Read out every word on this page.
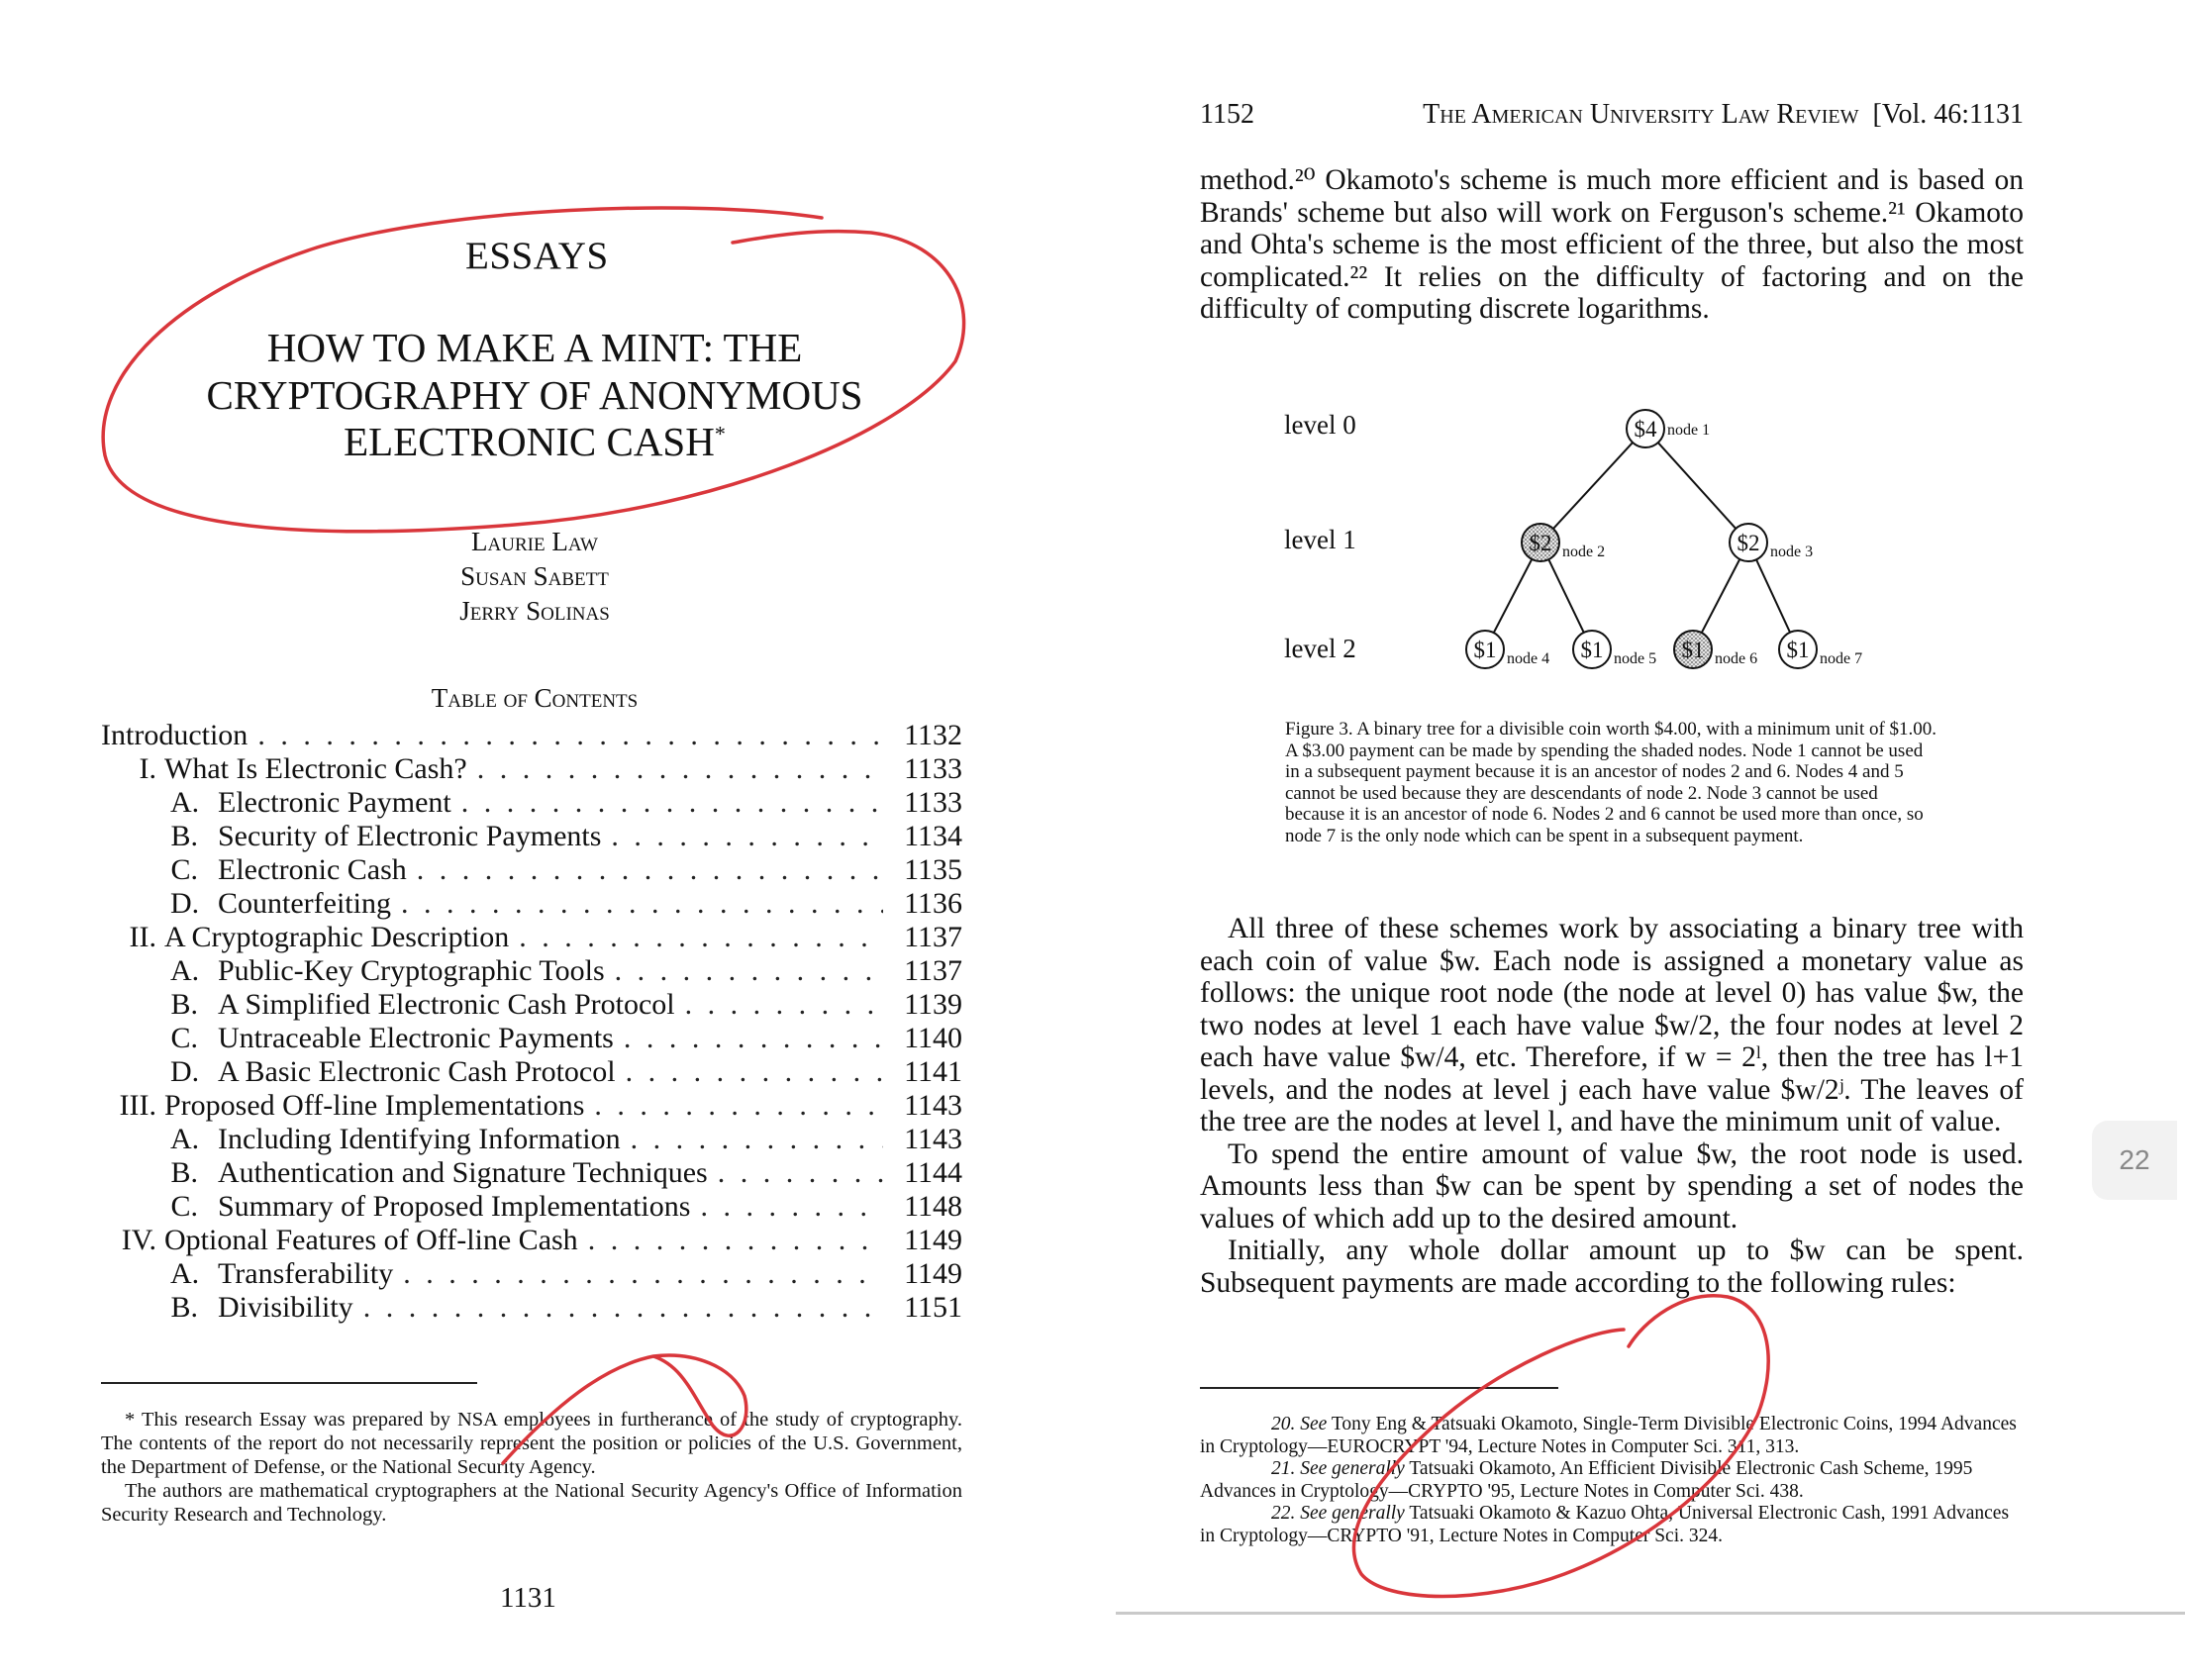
ESSAYS
HOW TO MAKE A MINT: THE
CRYPTOGRAPHY OF ANONYMOUS
ELECTRONIC CASH*
Laurie Law
Susan Sabett
Jerry Solinas
Table of Contents
Introduction . . .	1132
I. What Is Electronic Cash? . . .	1133
A. Electronic Payment . . .	1133
B. Security of Electronic Payments . . .	1134
C. Electronic Cash . . .	1135
D. Counterfeiting . . .	1136
II. A Cryptographic Description . . .	1137
A. Public-Key Cryptographic Tools . . .	1137
B. A Simplified Electronic Cash Protocol . . .	1139
C. Untraceable Electronic Payments . . .	1140
D. A Basic Electronic Cash Protocol . . .	1141
III. Proposed Off-line Implementations . . .	1143
A. Including Identifying Information . . .	1143
B. Authentication and Signature Techniques . . .	1144
C. Summary of Proposed Implementations . . .	1148
IV. Optional Features of Off-line Cash . . .	1149
A. Transferability . . .	1149
B. Divisibility . . .	1151

* This research Essay was prepared by NSA employees in furtherance of the study of cryptography. The contents of the report do not necessarily represent the position or policies of the U.S. Government, the Department of Defense, or the National Security Agency.

The authors are mathematical cryptographers at the National Security Agency's Office of Information Security Research and Technology.

1131
1152	The American University Law Review [Vol. 46:1131

method.²⁰ Okamoto's scheme is much more efficient and is based on Brands' scheme but also will work on Ferguson's scheme.²¹ Okamoto and Ohta's scheme is the most efficient of the three, but also the most complicated.²² It relies on the difficulty of factoring and on the difficulty of computing discrete logarithms.

level 0
level 1
level 2
$4 node 1
$2 node 2	$2 node 3
$1 node 4 $1 node 5 $1 node 6 $1 node 7
Figure 3. A binary tree for a divisible coin worth $4.00, with a minimum unit of $1.00. A $3.00 payment can be made by spending the shaded nodes. Node 1 cannot be used in a subsequent payment because it is an ancestor of nodes 2 and 6. Nodes 4 and 5 cannot be used because they are descendants of node 2. Node 3 cannot be used because it is an ancestor of node 6. Nodes 2 and 6 cannot be used more than once, so node 7 is the only node which can be spent in a subsequent payment.

All three of these schemes work by associating a binary tree with each coin of value $w. Each node is assigned a monetary value as follows: the unique root node (the node at level 0) has value $w, the two nodes at level 1 each have value $w/2, the four nodes at level 2 each have value $w/4, etc. Therefore, if w = 2ˡ, then the tree has l+1 levels, and the nodes at level j each have value $w/2ʲ. The leaves of the tree are the nodes at level l, and have the minimum unit of value.

To spend the entire amount of value $w, the root node is used. Amounts less than $w can be spent by spending a set of nodes the values of which add up to the desired amount.

Initially, any whole dollar amount up to $w can be spent. Subsequent payments are made according to the following rules:

20. See Tony Eng & Tatsuaki Okamoto, Single-Term Divisible Electronic Coins, 1994 Advances in Cryptology—EUROCRYPT '94, Lecture Notes in Computer Sci. 311, 313.

21. See generally Tatsuaki Okamoto, An Efficient Divisible Electronic Cash Scheme, 1995 Advances in Cryptology—CRYPTO '95, Lecture Notes in Computer Sci. 438.

22. See generally Tatsuaki Okamoto & Kazuo Ohta, Universal Electronic Cash, 1991 Advances in Cryptology—CRYPTO '91, Lecture Notes in Computer Sci. 324.

22
